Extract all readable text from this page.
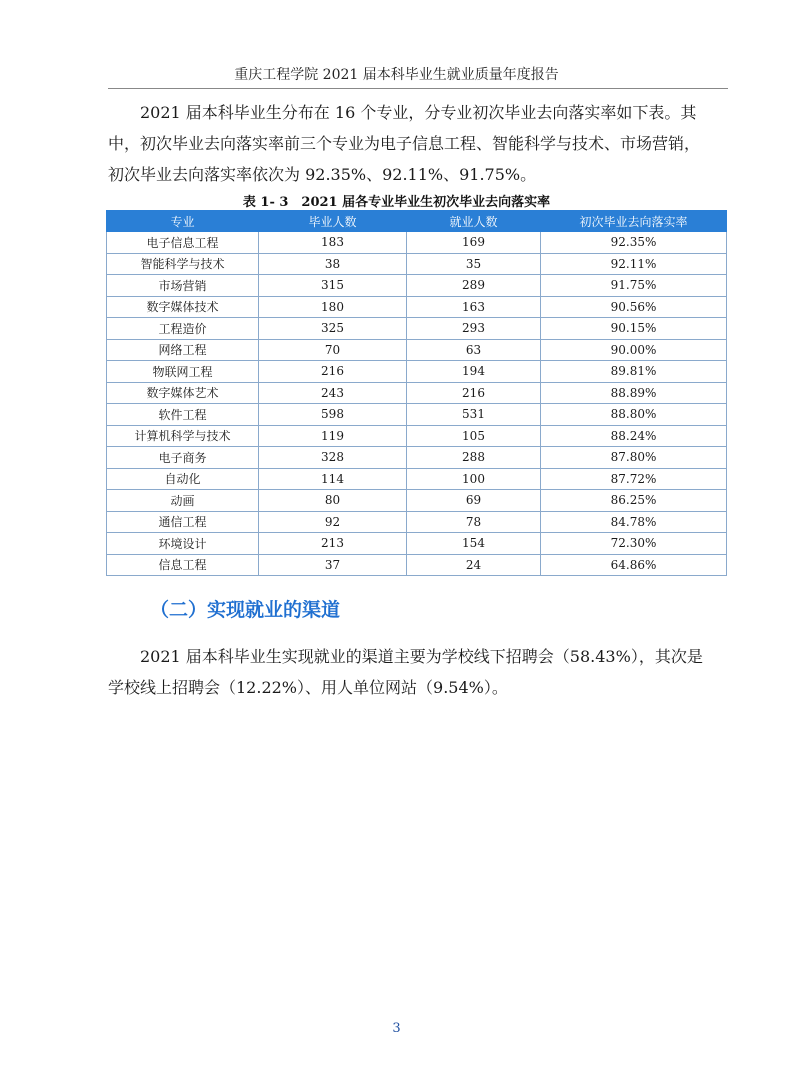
重庆工程学院 2021 届本科毕业生就业质量年度报告
2021 届本科毕业生分布在 16 个专业，分专业初次毕业去向落实率如下表。其
中，初次毕业去向落实率前三个专业为电子信息工程、智能科学与技术、市场营销，
初次毕业去向落实率依次为 92.35%、92.11%、91.75%。
表 1- 3　2021 届各专业毕业生初次毕业去向落实率
专业	毕业人数	就业人数	初次毕业去向落实率
电子信息工程	183	169	92.35%
智能科学与技术	38	35	92.11%
市场营销	315	289	91.75%
数字媒体技术	180	163	90.56%
工程造价	325	293	90.15%
网络工程	70	63	90.00%
物联网工程	216	194	89.81%
数字媒体艺术	243	216	88.89%
软件工程	598	531	88.80%
计算机科学与技术	119	105	88.24%
电子商务	328	288	87.80%
自动化	114	100	87.72%
动画	80	69	86.25%
通信工程	92	78	84.78%
环境设计	213	154	72.30%
信息工程	37	24	64.86%
（二）实现就业的渠道
2021 届本科毕业生实现就业的渠道主要为学校线下招聘会（58.43%），其次是
学校线上招聘会（12.22%）、用人单位网站（9.54%）。
3
